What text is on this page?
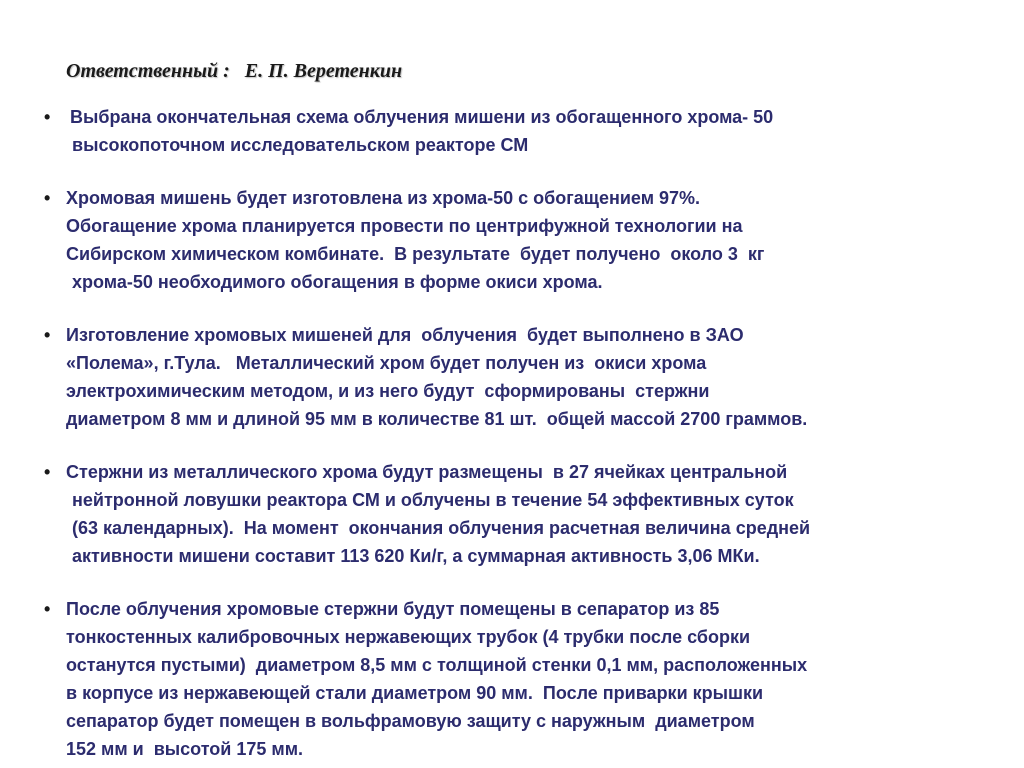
Ответственный :   Е. П. Веретенкин
• Выбрана окончательная схема облучения мишени из обогащенного хрома- 50
высокопоточном исследовательском реакторе СМ
• Хромовая мишень будет изготовлена из хрома-50 с обогащением 97%.
Обогащение хрома планируется провести по центрифужной технологии на
Сибирском химическом комбинате.  В результате  будет получено  около 3  кг
хрома-50 необходимого обогащения в форме окиси хрома.
• Изготовление хромовых мишеней для  облучения  будет выполнено в ЗАО
«Полема», г.Тула.   Металлический хром будет получен из  окиси хрома
электрохимическим методом, и из него будут  сформированы  стержни
диаметром 8 мм и длиной 95 мм в количестве 81 шт.  общей массой 2700 граммов.
• Стержни из металлического хрома будут размещены  в 27 ячейках центральной
нейтронной ловушки реактора СМ и облучены в течение 54 эффективных суток
(63 календарных).  На момент  окончания облучения расчетная величина средней
активности мишени составит 113 620 Ки/г, а суммарная активность 3,06 МКи.
• После облучения хромовые стержни будут помещены в сепаратор из 85
тонкостенных калибровочных нержавеющих трубок (4 трубки после сборки
останутся пустыми)  диаметром 8,5 мм с толщиной стенки 0,1 мм, расположенных
в корпусе из нержавеющей стали диаметром 90 мм.  После приварки крышки
сепаратор будет помещен в вольфрамовую защиту с наружным  диаметром
152 мм и  высотой 175 мм.
